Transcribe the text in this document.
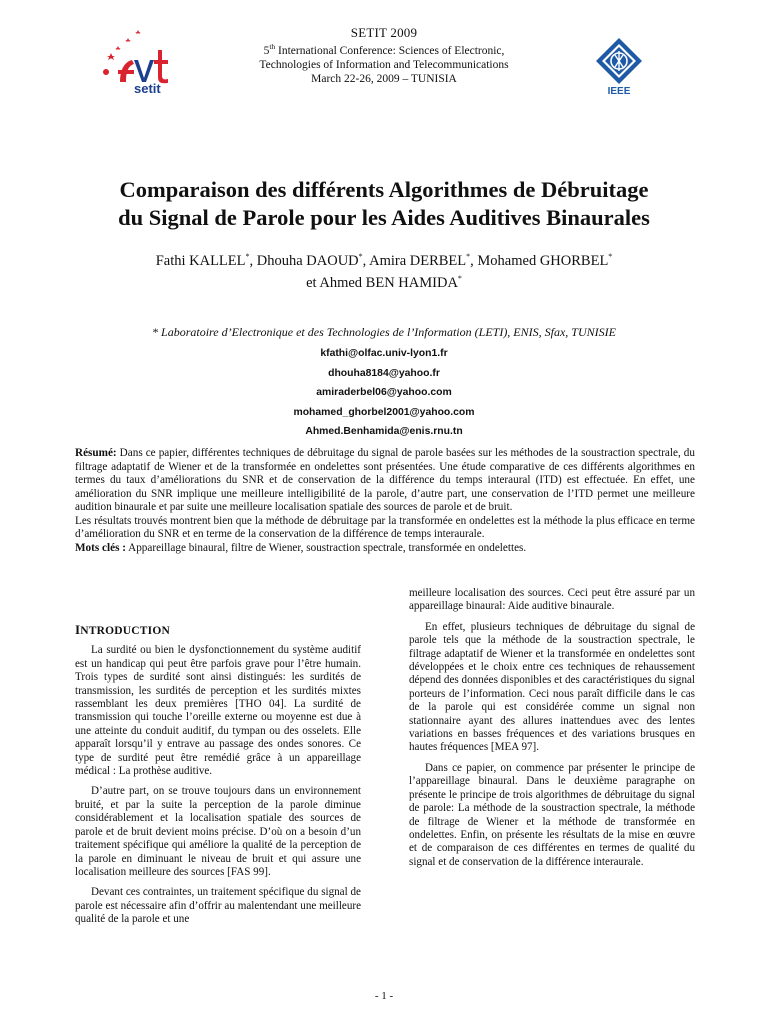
setit
SETIT 2009
5th International Conference: Sciences of Electronic,
Technologies of Information and Telecommunications
March 22-26, 2009 – TUNISIA
IEEE
Comparaison des différents Algorithmes de Débruitage du Signal de Parole pour les Aides Auditives Binaurales
Fathi KALLEL*, Dhouha DAOUD*, Amira DERBEL*, Mohamed GHORBEL*
et Ahmed BEN HAMIDA*
* Laboratoire d’Electronique et des Technologies de l’Information (LETI), ENIS, Sfax, TUNISIE
kfathi@olfac.univ-lyon1.fr
dhouha8184@yahoo.fr
amiraderbel06@yahoo.com
mohamed_ghorbel2001@yahoo.com
Ahmed.Benhamida@enis.rnu.tn

Résumé: Dans ce papier, différentes techniques de débruitage du signal de parole basées sur les méthodes de la soustraction spectrale, du filtrage adaptatif de Wiener et de la transformée en ondelettes sont présentées. Une étude comparative de ces différents algorithmes en termes du taux d’améliorations du SNR et de conservation de la différence du temps interaural (ITD) est effectuée. En effet, une amélioration du SNR implique une meilleure intelligibilité de la parole, d’autre part, une conservation de l’ITD permet une meilleure audition binaurale et par suite une meilleure localisation spatiale des sources de parole et de bruit.

Les résultats trouvés montrent bien que la méthode de débruitage par la transformée en ondelettes est la méthode la plus efficace en terme d’amélioration du SNR et en terme de la conservation de la différence de temps interaurale.

Mots clés : Appareillage binaural, filtre de Wiener, soustraction spectrale, transformée en ondelettes.

INTRODUCTION

La surdité ou bien le dysfonctionnement du système auditif est un handicap qui peut être parfois grave pour l’être humain. Trois types de surdité sont ainsi distingués: les surdités de transmission, les surdités de perception et les surdités mixtes rassemblant les deux premières [THO 04]. La surdité de transmission qui touche l’oreille externe ou moyenne est due à une atteinte du conduit auditif, du tympan ou des osselets. Elle apparaît lorsqu’il y entrave au passage des ondes sonores. Ce type de surdité peut être remédié grâce à un appareillage médical : La prothèse auditive.

D’autre part, on se trouve toujours dans un environnement bruité, et par la suite la perception de la parole diminue considérablement et la localisation spatiale des sources de parole et de bruit devient moins précise. D’où on a besoin d’un traitement spécifique qui améliore la qualité de la perception de la parole en diminuant le niveau de bruit et qui assure une localisation meilleure des sources [FAS 99].

Devant ces contraintes, un traitement spécifique du signal de parole est nécessaire afin d’offrir au malentendant une meilleure qualité de la parole et une

meilleure localisation des sources. Ceci peut être assuré par un appareillage binaural: Aide auditive binaurale.

En effet, plusieurs techniques de débruitage du signal de parole tels que la méthode de la soustraction spectrale, le filtrage adaptatif de Wiener et la transformée en ondelettes sont développées et le choix entre ces techniques de rehaussement dépend des données disponibles et des caractéristiques du signal porteurs de l’information. Ceci nous paraît difficile dans le cas de la parole qui est considérée comme un signal non stationnaire ayant des allures inattendues avec des lentes variations en basses fréquences et des variations brusques en hautes fréquences [MEA 97].

Dans ce papier, on commence par présenter le principe de l’appareillage binaural. Dans le deuxième paragraphe on présente le principe de trois algorithmes de débruitage du signal de parole: La méthode de la soustraction spectrale, la méthode de filtrage de Wiener et la méthode de transformée en ondelettes. Enfin, on présente les résultats de la mise en œuvre et de comparaison de ces différentes en termes de qualité du signal et de conservation de la différence interaurale.

- 1 -
